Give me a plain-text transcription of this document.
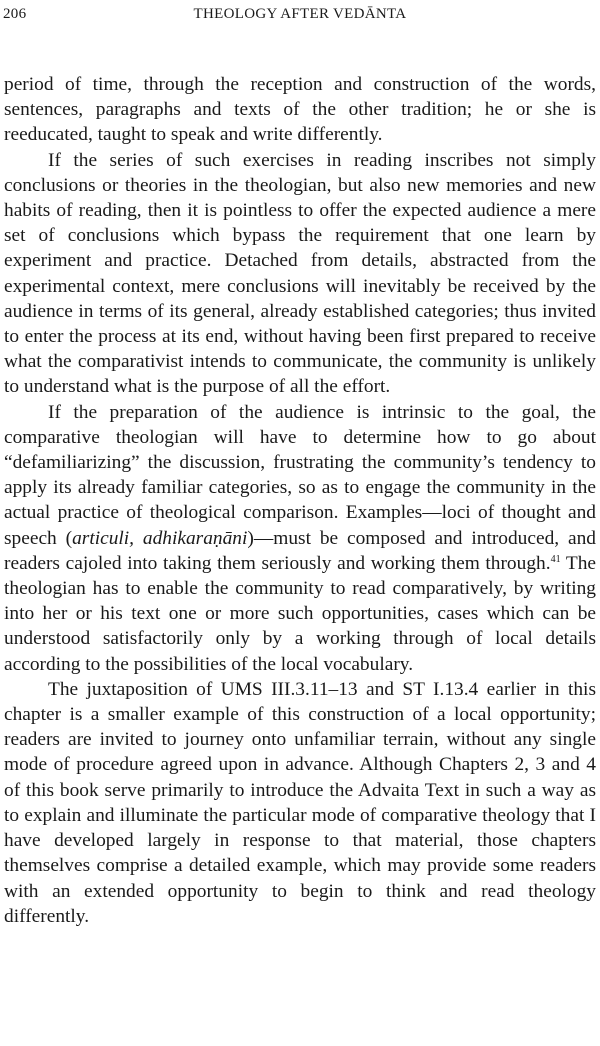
206	THEOLOGY AFTER VEDĀNTA

period of time, through the reception and construction of the words, sentences, paragraphs and texts of the other tradition; he or she is reeducated, taught to speak and write differently.

If the series of such exercises in reading inscribes not simply conclusions or theories in the theologian, but also new memories and new habits of reading, then it is pointless to offer the expected audience a mere set of conclusions which bypass the requirement that one learn by experiment and practice. Detached from details, abstracted from the experimental context, mere conclusions will inevitably be received by the audience in terms of its general, already established categories; thus invited to enter the process at its end, without having been first prepared to receive what the comparativist intends to communicate, the community is unlikely to understand what is the purpose of all the effort.

If the preparation of the audience is intrinsic to the goal, the comparative theologian will have to determine how to go about “defamiliarizing” the discussion, frustrating the community’s tendency to apply its already familiar categories, so as to engage the community in the actual practice of theological comparison. Examples—loci of thought and speech (articuli, adhikaraṇāni)—must be composed and introduced, and readers cajoled into taking them seriously and working them through.$^{41}$ The theologian has to enable the community to read comparatively, by writing into her or his text one or more such opportunities, cases which can be understood satisfactorily only by a working through of local details according to the possibilities of the local vocabulary.

The juxtaposition of UMS III.3.11–13 and ST I.13.4 earlier in this chapter is a smaller example of this construction of a local opportunity; readers are invited to journey onto unfamiliar terrain, without any single mode of procedure agreed upon in advance. Although Chapters 2, 3 and 4 of this book serve primarily to introduce the Advaita Text in such a way as to explain and illuminate the particular mode of comparative theology that I have developed largely in response to that material, those chapters themselves comprise a detailed example, which may provide some readers with an extended opportunity to begin to think and read theology differently.
